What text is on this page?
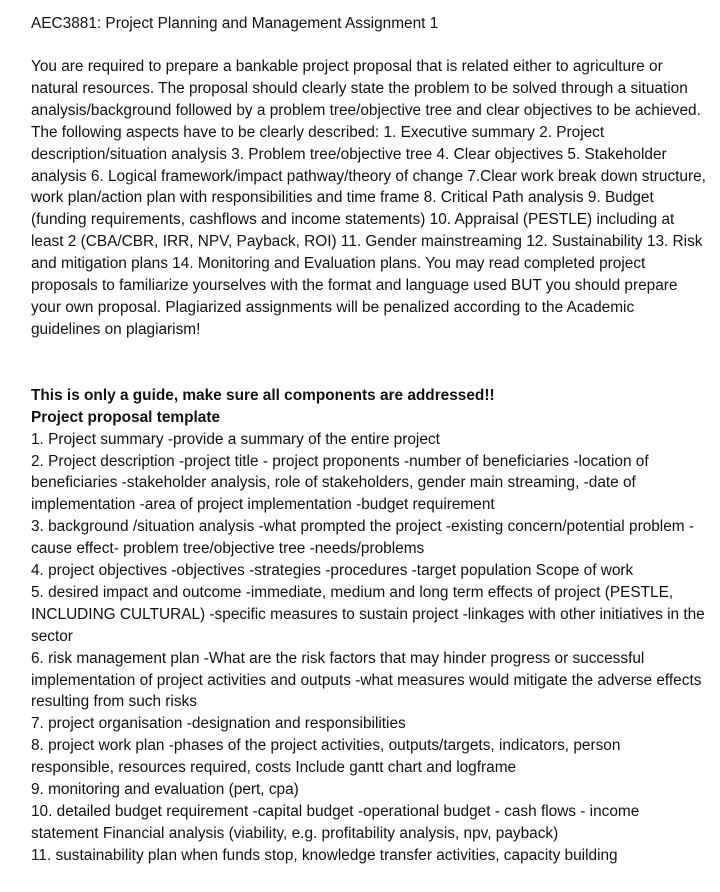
AEC3881: Project Planning and Management Assignment 1

You are required to prepare a bankable project proposal that is related either to agriculture or natural resources. The proposal should clearly state the problem to be solved through a situation analysis/background followed by a problem tree/objective tree and clear objectives to be achieved. The following aspects have to be clearly described: 1. Executive summary 2. Project description/situation analysis 3. Problem tree/objective tree 4. Clear objectives 5. Stakeholder analysis 6. Logical framework/impact pathway/theory of change 7.Clear work break down structure, work plan/action plan with responsibilities and time frame 8. Critical Path analysis 9. Budget (funding requirements, cashflows and income statements) 10. Appraisal (PESTLE) including at least 2 (CBA/CBR, IRR, NPV, Payback, ROI) 11. Gender mainstreaming 12. Sustainability 13. Risk and mitigation plans 14. Monitoring and Evaluation plans. You may read completed project proposals to familiarize yourselves with the format and language used BUT you should prepare your own proposal. Plagiarized assignments will be penalized according to the Academic guidelines on plagiarism!

This is only a guide, make sure all components are addressed!!

Project proposal template

1. Project summary -provide a summary of the entire project
2. Project description -project title - project proponents -number of beneficiaries -location of beneficiaries -stakeholder analysis, role of stakeholders, gender main streaming, -date of implementation -area of project implementation -budget requirement
3. background /situation analysis -what prompted the project -existing concern/potential problem -cause effect- problem tree/objective tree -needs/problems
4. project objectives -objectives -strategies -procedures -target population Scope of work
5. desired impact and outcome -immediate, medium and long term effects of project (PESTLE, INCLUDING CULTURAL) -specific measures to sustain project -linkages with other initiatives in the sector
6. risk management plan -What are the risk factors that may hinder progress or successful implementation of project activities and outputs -what measures would mitigate the adverse effects resulting from such risks
7. project organisation -designation and responsibilities
8. project work plan -phases of the project activities, outputs/targets, indicators, person responsible, resources required, costs Include gantt chart and logframe
9. monitoring and evaluation (pert, cpa)
10. detailed budget requirement -capital budget -operational budget - cash flows - income statement Financial analysis (viability, e.g. profitability analysis, npv, payback)
11. sustainability plan when funds stop, knowledge transfer activities, capacity building
